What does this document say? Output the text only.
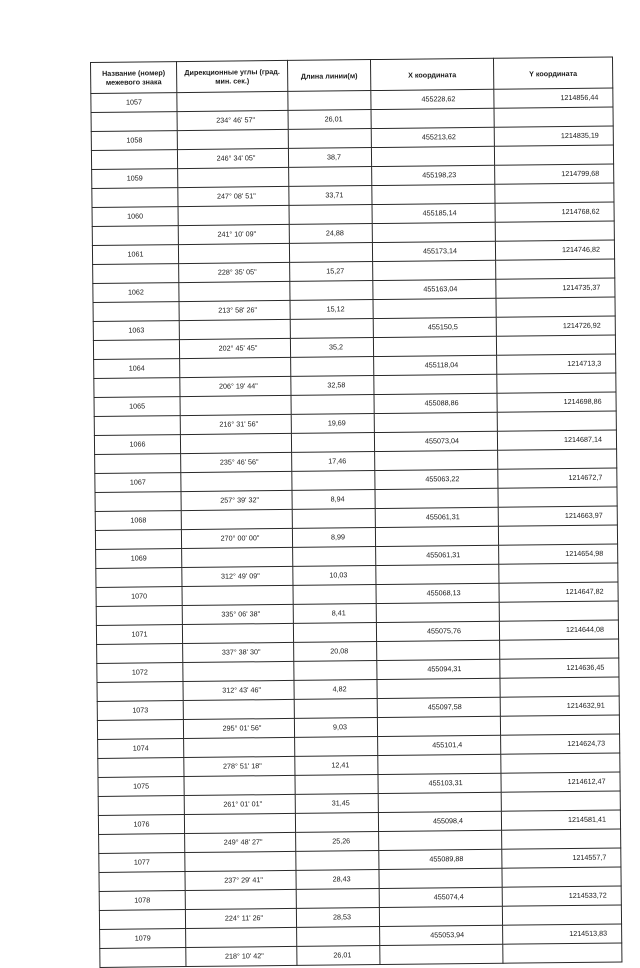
Название (номер) межевого знака	Дирекционные углы (град. мин. сек.)	Длина линии(м)	X координата	Y координата
1057			455228,62	1214856,44
	234° 46' 57"	26,01		
1058			455213,62	1214835,19
	246° 34' 05"	38,7		
1059			455198,23	1214799,68
	247° 08' 51"	33,71		
1060			455185,14	1214768,62
	241° 10' 09"	24,88		
1061			455173,14	1214746,82
	228° 35' 05"	15,27		
1062			455163,04	1214735,37
	213° 58' 26"	15,12		
1063			455150,5	1214726,92
	202° 45' 45"	35,2		
1064			455118,04	1214713,3
	206° 19' 44"	32,58		
1065			455088,86	1214698,86
	216° 31' 56"	19,69		
1066			455073,04	1214687,14
	235° 46' 56"	17,46		
1067			455063,22	1214672,7
	257° 39' 32"	8,94		
1068			455061,31	1214663,97
	270° 00' 00"	8,99		
1069			455061,31	1214654,98
	312° 49' 09"	10,03		
1070			455068,13	1214647,82
	335° 06' 38"	8,41		
1071			455075,76	1214644,08
	337° 38' 30"	20,08		
1072			455094,31	1214636,45
	312° 43' 46"	4,82		
1073			455097,58	1214632,91
	295° 01' 56"	9,03		
1074			455101,4	1214624,73
	278° 51' 18"	12,41		
1075			455103,31	1214612,47
	261° 01' 01"	31,45		
1076			455098,4	1214581,41
	249° 48' 27"	25,26		
1077			455089,88	1214557,7
	237° 29' 41"	28,43		
1078			455074,4	1214533,72
	224° 11' 26"	28,53		
1079			455053,94	1214513,83
	218° 10' 42"	26,01		
